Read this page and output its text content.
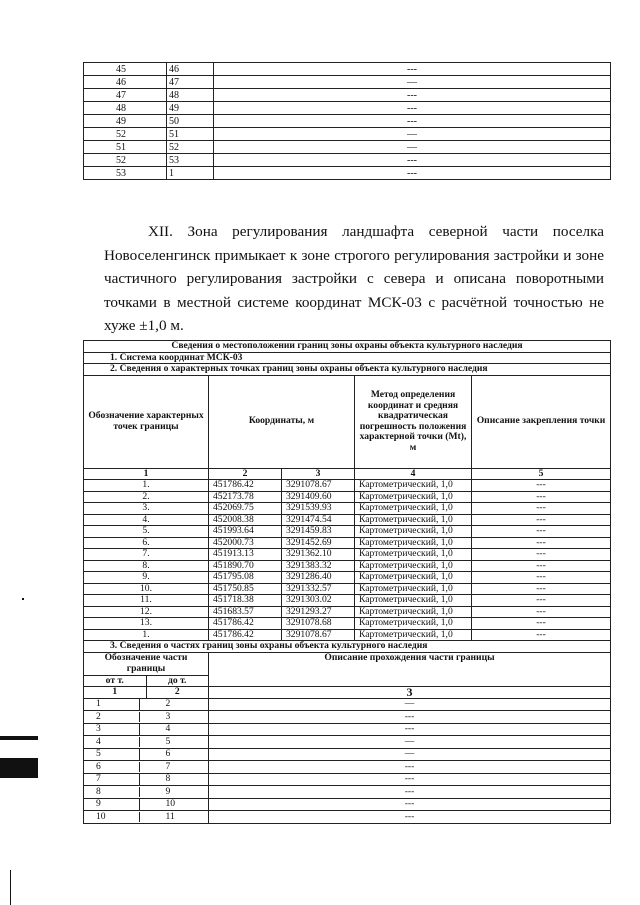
45	46	---
46	47	—
47	48	---
48	49	---
49	50	---
52	51	—
51	52	—
52	53	---
53	1	---

XII. Зона регулирования ландшафта северной части поселка Новоселенгинск примыкает к зоне строгого регулирования застройки и зоне частичного регулирования застройки с севера и описана поворотными точками в местной системе координат МСК-03 с расчётной точностью не хуже ±1,0 м.

Сведения о местоположении границ зоны охраны объекта культурного наследия				
1. Система координат МСК-03				
2. Сведения о характерных точках границ зоны охраны объекта культурного наследия				
Обозначение характерных точек границы	Координаты, м		Метод определения координат и средняя квадратическая погрешность положения характерной точки (Mt), м	Описание закрепления точки

1	2	3	4	5
1.	451786.42	3291078.67	Картометрический, 1,0	---
2.	452173.78	3291409.60	Картометрический, 1,0	---
3.	452069.75	3291539.93	Картометрический, 1,0	---
4.	452008.38	3291474.54	Картометрический, 1,0	---
5.	451993.64	3291459.83	Картометрический, 1,0	---
6.	452000.73	3291452.69	Картометрический, 1,0	---
7.	451913.13	3291362.10	Картометрический, 1,0	---
8.	451890.70	3291383.32	Картометрический, 1,0	---
9.	451795.08	3291286.40	Картометрический, 1,0	---
10.	451750.85	3291332.57	Картометрический, 1,0	---
11.	451718.38	3291303.02	Картометрический, 1,0	---
12.	451683.57	3291293.27	Картометрический, 1,0	---
13.	451786.42	3291078.68	Картометрический, 1,0	---
1.	451786.42	3291078.67	Картометрический, 1,0	---
3. Сведения о частях границ зоны охраны объекта культурного наследия				
Обозначение части границы	Описание прохождения части границы			

от т. до т.				

1 2	3			

1 2	—			

2 3	---			

3 4	---			

4 5	—			

5 6	—			

6 7	---			

7 8	---			

8 9	---			

9 10	---			

10 11	---			
